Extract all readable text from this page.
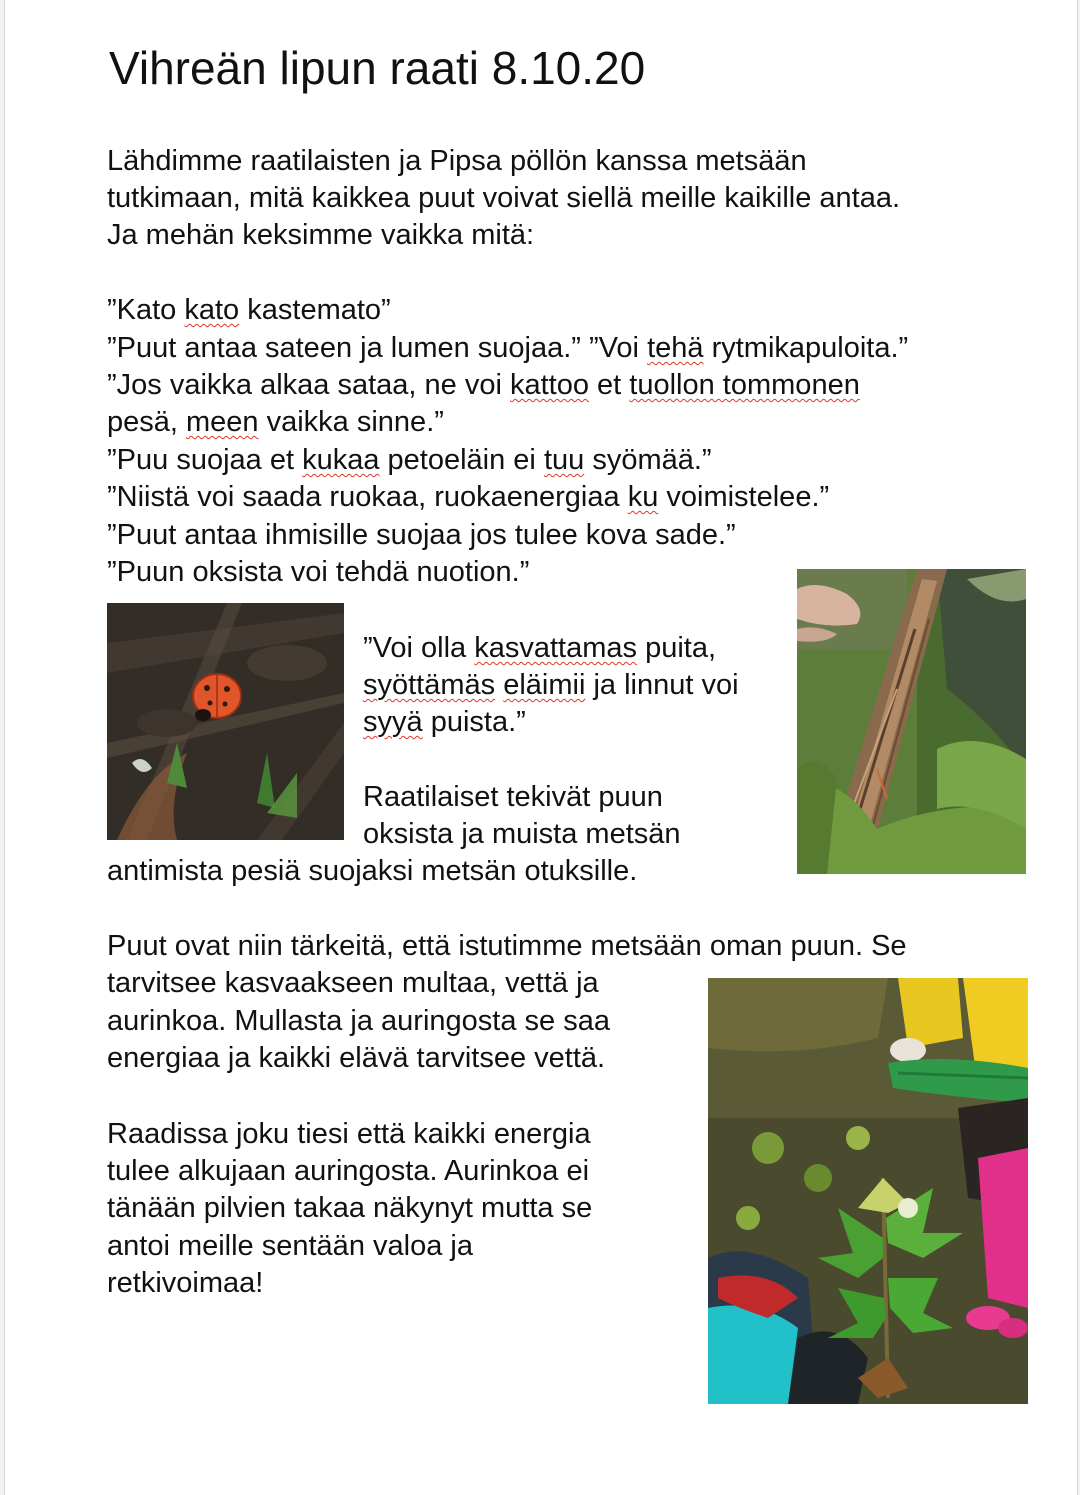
Vihreän lipun raati 8.10.20
Lähdimme raatilaisten ja Pipsa pöllön kanssa metsään
tutkimaan, mitä kaikkea puut voivat siellä meille kaikille antaa.
Ja mehän keksimme vaikka mitä:
”Kato kato kastemato”
”Puut antaa sateen ja lumen suojaa.” ”Voi tehä rytmikapuloita.”
”Jos vaikka alkaa sataa, ne voi kattoo et tuollon tommonen
pesä, meen vaikka sinne.”
”Puu suojaa et kukaa petoeläin ei tuu syömää.”
”Niistä voi saada ruokaa, ruokaenergiaa ku voimistelee.”
”Puut antaa ihmisille suojaa jos tulee kova sade.”
”Puun oksista voi tehdä nuotion.”
”Voi olla kasvattamas puita,
syöttämäs eläimii ja linnut voi
syyä puista.”
Raatilaiset tekivät puun
oksista ja muista metsän
antimista pesiä suojaksi metsän otuksille.
Puut ovat niin tärkeitä, että istutimme metsään oman puun. Se
tarvitsee kasvaakseen multaa, vettä ja
aurinkoa. Mullasta ja auringosta se saa
energiaa ja kaikki elävä tarvitsee vettä.
Raadissa joku tiesi että kaikki energia
tulee alkujaan auringosta. Aurinkoa ei
tänään pilvien takaa näkynyt mutta se
antoi meille sentään valoa ja
retkivoimaa!
